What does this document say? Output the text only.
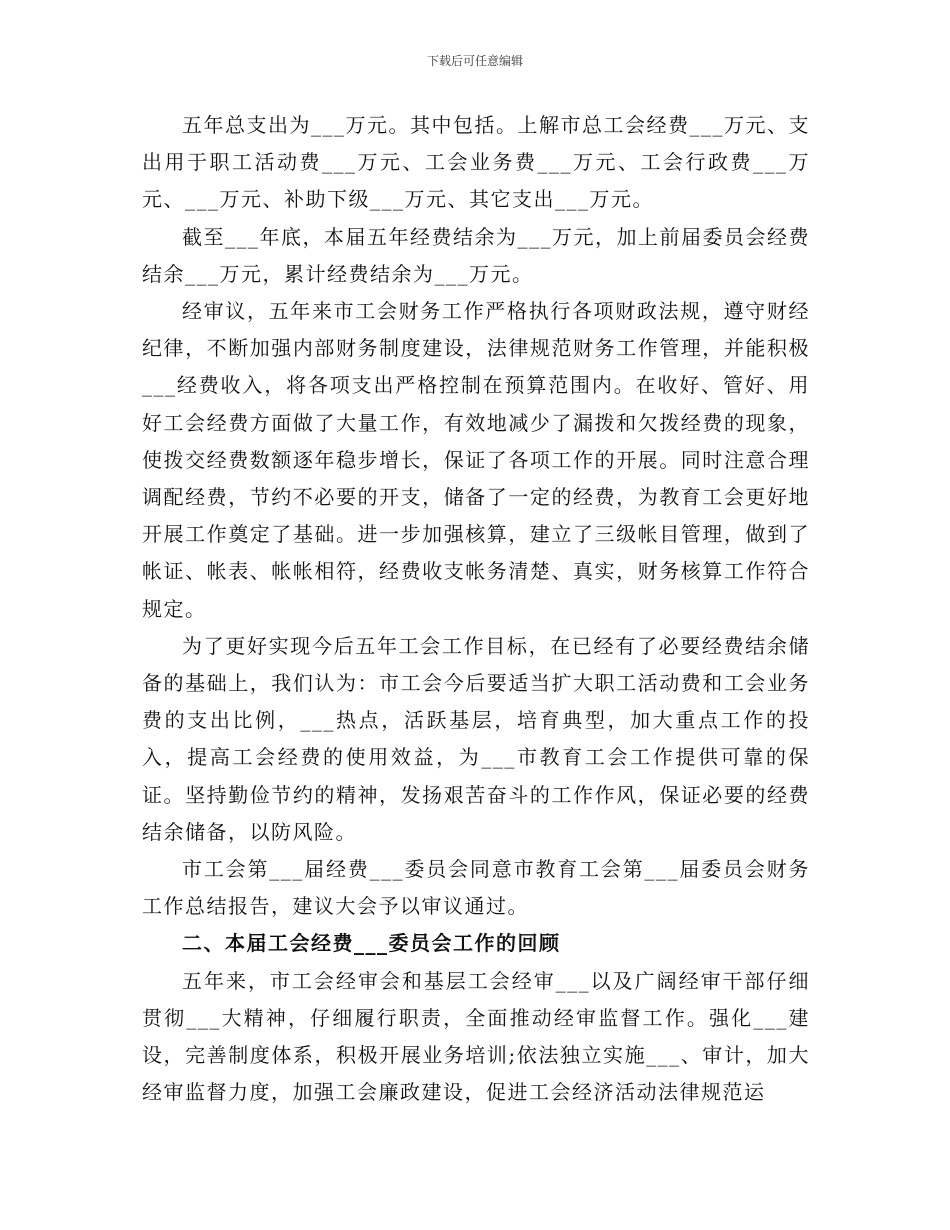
下载后可任意编辑

五年总支出为___万元。其中包括。上解市总工会经费___万元、支出用于职工活动费___万元、工会业务费___万元、工会行政费___万元、___万元、补助下级___万元、其它支出___万元。

截至___年底，本届五年经费结余为___万元，加上前届委员会经费结余___万元，累计经费结余为___万元。

经审议，五年来市工会财务工作严格执行各项财政法规，遵守财经纪律，不断加强内部财务制度建设，法律规范财务工作管理，并能积极___经费收入，将各项支出严格控制在预算范围内。在收好、管好、用好工会经费方面做了大量工作，有效地减少了漏拨和欠拨经费的现象，使拨交经费数额逐年稳步增长，保证了各项工作的开展。同时注意合理调配经费，节约不必要的开支，储备了一定的经费，为教育工会更好地开展工作奠定了基础。进一步加强核算，建立了三级帐目管理，做到了帐证、帐表、帐帐相符，经费收支帐务清楚、真实，财务核算工作符合规定。

为了更好实现今后五年工会工作目标，在已经有了必要经费结余储备的基础上，我们认为：市工会今后要适当扩大职工活动费和工会业务费的支出比例，___热点，活跃基层，培育典型，加大重点工作的投入，提高工会经费的使用效益，为___市教育工会工作提供可靠的保证。坚持勤俭节约的精神，发扬艰苦奋斗的工作作风，保证必要的经费结余储备，以防风险。

市工会第___届经费___委员会同意市教育工会第___届委员会财务工作总结报告，建议大会予以审议通过。

二、本届工会经费___委员会工作的回顾

五年来，市工会经审会和基层工会经审___以及广阔经审干部仔细贯彻___大精神，仔细履行职责，全面推动经审监督工作。强化___建设，完善制度体系，积极开展业务培训;依法独立实施___、审计，加大经审监督力度，加强工会廉政建设，促进工会经济活动法律规范运
